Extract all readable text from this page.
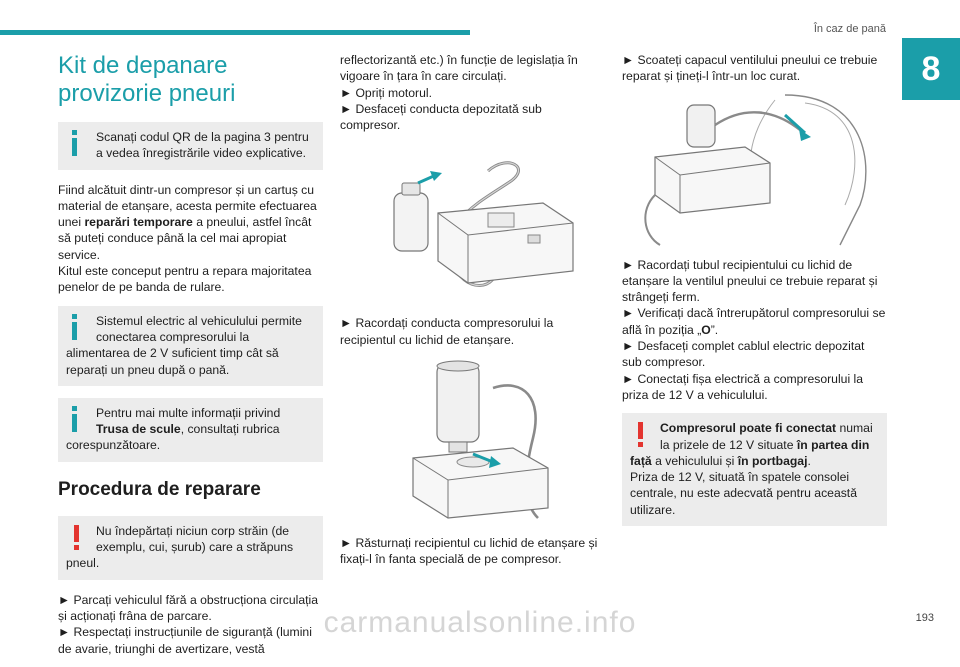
În caz de pană
8
Kit de depanare provizorie pneuri
Scanați codul QR de la pagina 3 pentru a vedea înregistrările video explicative.

Fiind alcătuit dintr-un compresor și un cartuș cu material de etanșare, acesta permite efectuarea unei reparări temporare a pneului, astfel încât să puteți conduce până la cel mai apropiat service.
Kitul este conceput pentru a repara majoritatea penelor de pe banda de rulare.

Sistemul electric al vehiculului permite conectarea compresorului la alimentarea de 2 V suficient timp cât să reparați un pneu după o pană.
Pentru mai multe informații privind Trusa de scule, consultați rubrica corespunzătoare.
Procedura de reparare
Nu îndepărtați niciun corp străin (de exemplu, cui, șurub) care a străpuns pneul.

► Parcați vehiculul fără a obstrucționa circulația și acționați frâna de parcare.
► Respectați instrucțiunile de siguranță (lumini de avarie, triunghi de avertizare, vestă

reflectorizantă etc.) în funcție de legislația în vigoare în țara în care circulați.
► Opriți motorul.
► Desfaceți conducta depozitată sub compresor.

► Racordați conducta compresorului la recipientul cu lichid de etanșare.

► Răsturnați recipientul cu lichid de etanșare și fixați-l în fanta specială de pe compresor.

► Scoateți capacul ventilului pneului ce trebuie reparat și țineți-l într-un loc curat.

► Racordați tubul recipientului cu lichid de etanșare la ventilul pneului ce trebuie reparat și strângeți ferm.
► Verificați dacă întrerupătorul compresorului se află în poziția „O”.
► Desfaceți complet cablul electric depozitat sub compresor.
► Conectați fișa electrică a compresorului la priza de 12 V a vehiculului.

Compresorul poate fi conectat numai la prizele de 12 V situate în partea din față a vehiculului și în portbagaj.
Priza de 12 V, situată în spatele consolei centrale, nu este adecvată pentru această utilizare.
carmanualsonline.info	193
